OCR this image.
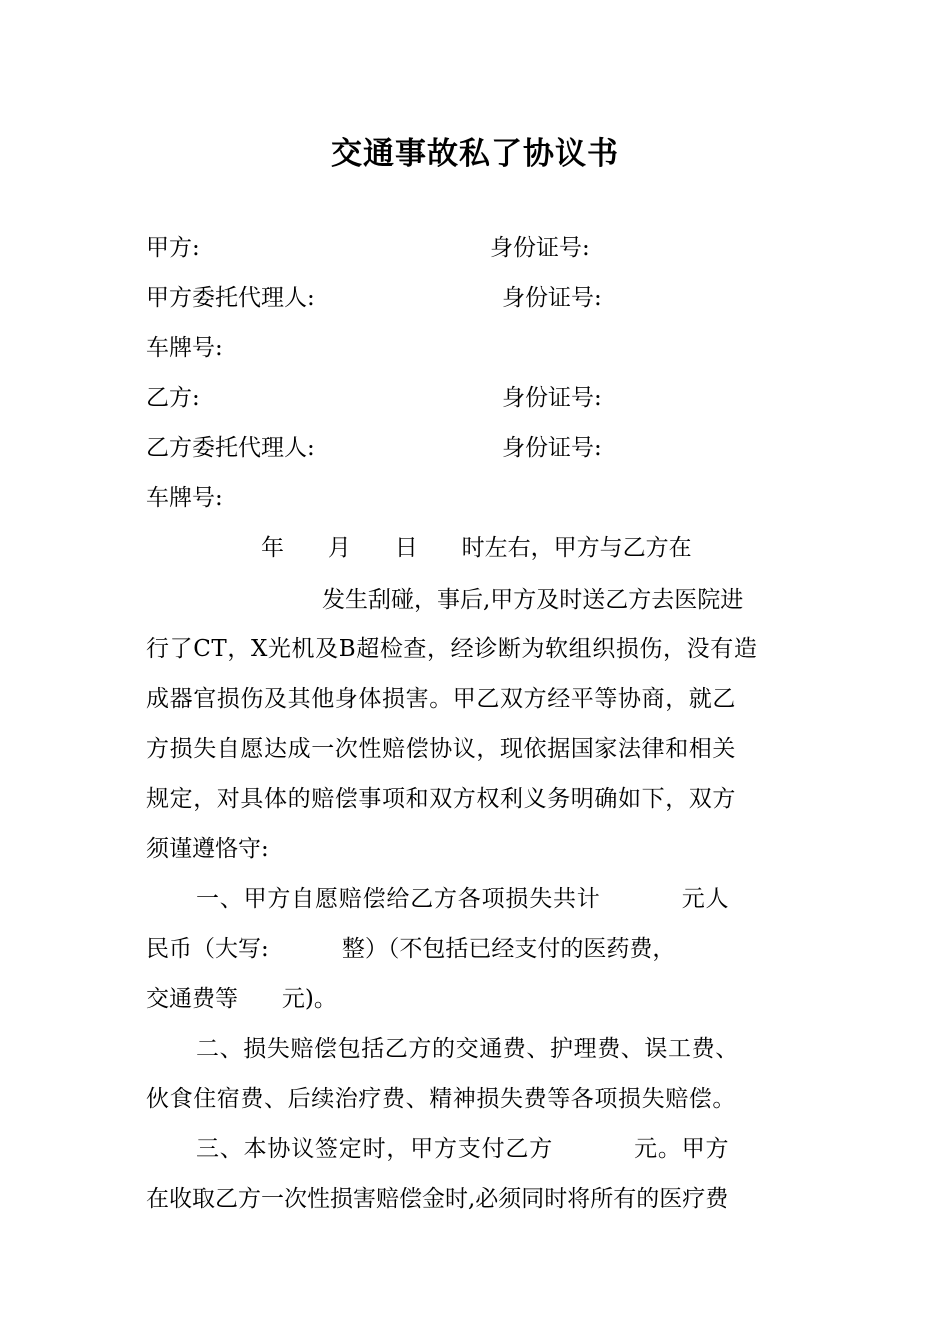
交通事故私了协议书
甲方:	身份证号:
甲方委托代理人:	身份证号:
车牌号:
乙方:	身份证号:
乙方委托代理人:	身份证号:
车牌号:
年      月      日      时左右，甲方与乙方在
发生刮碰，事后,甲方及时送乙方去医院进
行了CT，X光机及B超检查，经诊断为软组织损伤，没有造
成器官损伤及其他身体损害。甲乙双方经平等协商，就乙
方损失自愿达成一次性赔偿协议，现依据国家法律和相关
规定，对具体的赔偿事项和双方权利义务明确如下，双方
须谨遵恪守:
一、甲方自愿赔偿给乙方各项损失共计          元人
民币（大写:          整）（不包括已经支付的医药费，
交通费等      元)。
二、损失赔偿包括乙方的交通费、护理费、误工费、
伙食住宿费、后续治疗费、精神损失费等各项损失赔偿。
三、本协议签定时，甲方支付乙方          元。甲方
在收取乙方一次性损害赔偿金时,必须同时将所有的医疗费
